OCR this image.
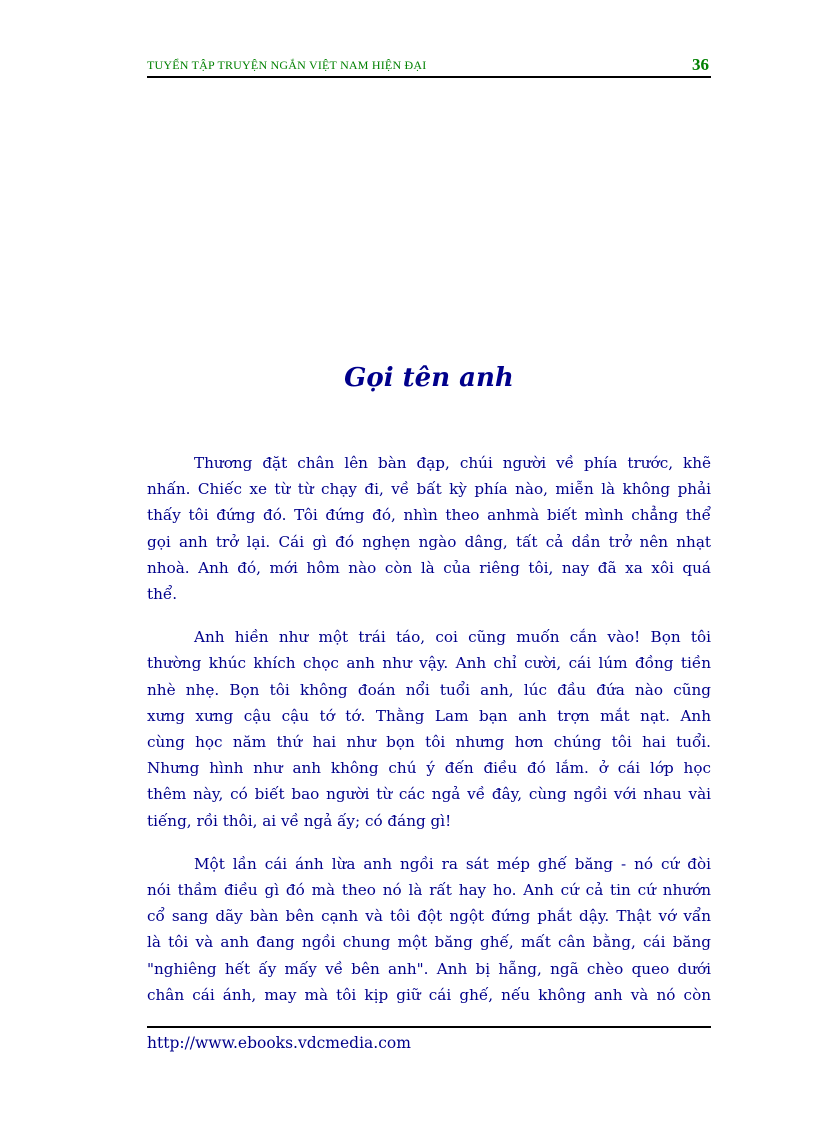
TUYỂN TẬP TRUYỆN NGẮN VIỆT NAM HIỆN ĐẠI	36
Gọi tên anh

Thương đặt chân lên bàn đạp, chúi người về phía trước, khẽ
nhấn. Chiếc xe từ từ chạy đi, về bất kỳ phía nào, miễn là không phải
thấy tôi đứng đó. Tôi đứng đó, nhìn theo anhmà biết mình chẳng thể
gọi anh trở lại. Cái gì đó nghẹn ngào dâng, tất cả dần trở nên nhạt
nhoà. Anh đó, mới hôm nào còn là của riêng tôi, nay đã xa xôi quá
thể.

Anh hiền như một trái táo, coi cũng muốn cắn vào! Bọn tôi
thường khúc khích chọc anh như vậy. Anh chỉ cười, cái lúm đồng tiền
nhè nhẹ. Bọn tôi không đoán nổi tuổi anh, lúc đầu đứa nào cũng
xưng xưng cậu cậu tớ tớ. Thằng Lam bạn anh trợn mắt nạt. Anh
cùng học năm thứ hai như bọn tôi nhưng hơn chúng tôi hai tuổi.
Nhưng hình như anh không chú ý đến điều đó lắm. ở cái lớp học
thêm này, có biết bao người từ các ngả về đây, cùng ngồi với nhau vài
tiếng, rồi thôi, ai về ngả ấy; có đáng gì!

Một lần cái ánh lừa anh ngồi ra sát mép ghế băng - nó cứ đòi
nói thầm điều gì đó mà theo nó là rất hay ho. Anh cứ cả tin cứ nhướn
cổ sang dãy bàn bên cạnh và tôi đột ngột đứng phắt dậy. Thật vớ vẩn
là tôi và anh đang ngồi chung một băng ghế, mất cân bằng, cái băng
"nghiêng hết ấy mấy về bên anh". Anh bị hẫng, ngã chèo queo dưới
chân cái ánh, may mà tôi kịp giữ cái ghế, nếu không anh và nó còn

http://www.ebooks.vdcmedia.com
